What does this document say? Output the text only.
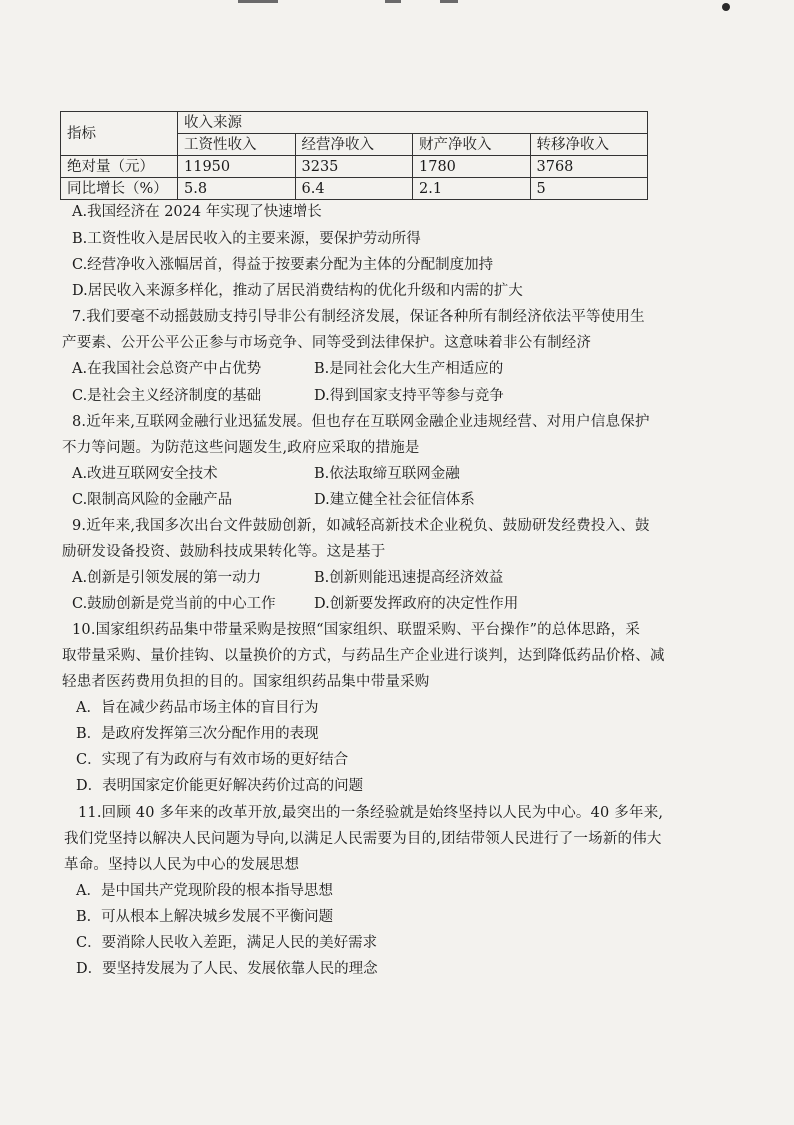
指标	收入来源			
	工资性收入	经营净收入	财产净收入	转移净收入
绝对量（元）	11950	3235	1780	3768
同比增长（%）	5.8	6.4	2.1	5
A.我国经济在 2024 年实现了快速增长
B.工资性收入是居民收入的主要来源，要保护劳动所得
C.经营净收入涨幅居首，得益于按要素分配为主体的分配制度加持
D.居民收入来源多样化，推动了居民消费结构的优化升级和内需的扩大
7.我们要毫不动摇鼓励支持引导非公有制经济发展，保证各种所有制经济依法平等使用生
产要素、公开公平公正参与市场竞争、同等受到法律保护。这意味着非公有制经济
A.在我国社会总资产中占优势	B.是同社会化大生产相适应的
C.是社会主义经济制度的基础	D.得到国家支持平等参与竞争
8.近年来,互联网金融行业迅猛发展。但也存在互联网金融企业违规经营、对用户信息保护
不力等问题。为防范这些问题发生,政府应采取的措施是
A.改进互联网安全技术	B.依法取缔互联网金融
C.限制高风险的金融产品	D.建立健全社会征信体系
9.近年来,我国多次出台文件鼓励创新，如减轻高新技术企业税负、鼓励研发经费投入、鼓
励研发设备投资、鼓励科技成果转化等。这是基于
A.创新是引领发展的第一动力	B.创新则能迅速提高经济效益
C.鼓励创新是党当前的中心工作	D.创新要发挥政府的决定性作用
10.国家组织药品集中带量采购是按照“国家组织、联盟采购、平台操作”的总体思路，采
取带量采购、量价挂钩、以量换价的方式，与药品生产企业进行谈判，达到降低药品价格、减
轻患者医药费用负担的目的。国家组织药品集中带量采购
A．旨在减少药品市场主体的盲目行为
B．是政府发挥第三次分配作用的表现
C．实现了有为政府与有效市场的更好结合
D．表明国家定价能更好解决药价过高的问题
11.回顾 40 多年来的改革开放,最突出的一条经验就是始终坚持以人民为中心。40 多年来,
我们党坚持以解决人民问题为导向,以满足人民需要为目的,团结带领人民进行了一场新的伟大
革命。坚持以人民为中心的发展思想
A．是中国共产党现阶段的根本指导思想
B．可从根本上解决城乡发展不平衡问题
C．要消除人民收入差距，满足人民的美好需求
D．要坚持发展为了人民、发展依靠人民的理念
